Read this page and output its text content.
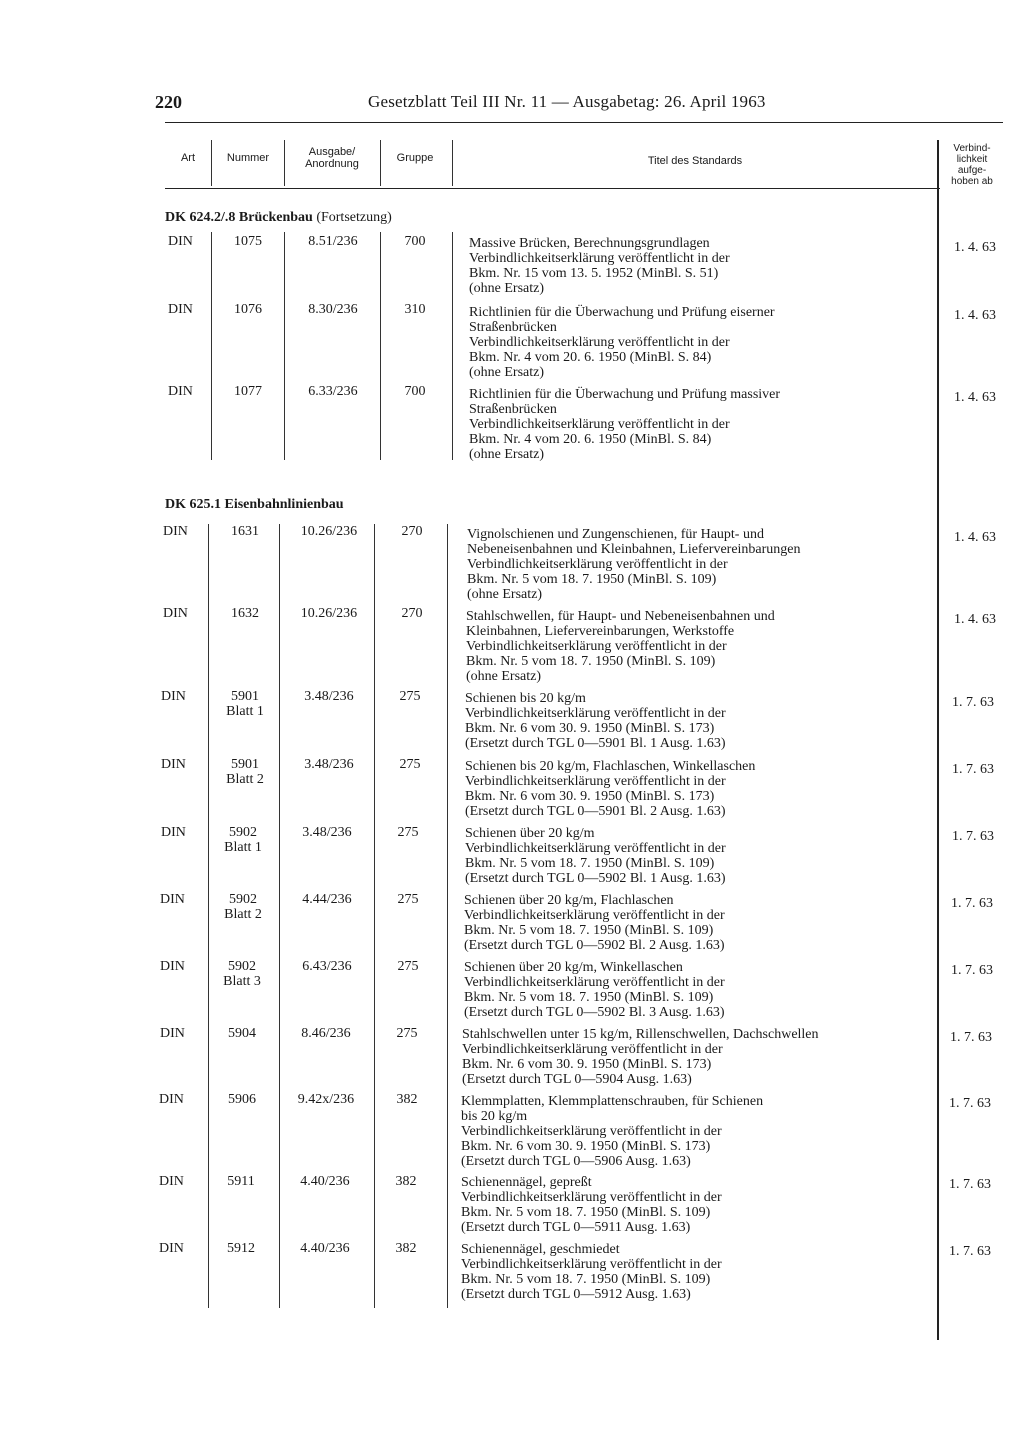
220	Gesetzblatt Teil III Nr. 11 — Ausgabetag: 26. April 1963
Art	Nummer	Ausgabe/
Anordnung	Gruppe	Titel des Standards
Verbind-
lichkeit
aufge-
hoben ab
DK 624.2/.8 Brückenbau (Fortsetzung)
DIN	1075	8.51/236	700	Massive Brücken, Berechnungsgrundlagen
Verbindlichkeitserklärung veröffentlicht in der
Bkm. Nr. 15 vom 13. 5. 1952 (MinBl. S. 51)
(ohne Ersatz)
1. 4. 63
DIN	1076	8.30/236	310	Richtlinien für die Überwachung und Prüfung eiserner
Straßenbrücken
Verbindlichkeitserklärung veröffentlicht in der
Bkm. Nr. 4 vom 20. 6. 1950 (MinBl. S. 84)
(ohne Ersatz)
1. 4. 63
DIN	1077	6.33/236	700	Richtlinien für die Überwachung und Prüfung massiver
Straßenbrücken
Verbindlichkeitserklärung veröffentlicht in der
Bkm. Nr. 4 vom 20. 6. 1950 (MinBl. S. 84)
(ohne Ersatz)
1. 4. 63
DK 625.1 Eisenbahnlinienbau
DIN	1631	10.26/236	270	Vignolschienen und Zungenschienen, für Haupt- und
Nebeneisenbahnen und Kleinbahnen, Liefervereinbarungen
Verbindlichkeitserklärung veröffentlicht in der
Bkm. Nr. 5 vom 18. 7. 1950 (MinBl. S. 109)
(ohne Ersatz)
1. 4. 63
DIN	1632	10.26/236	270	Stahlschwellen, für Haupt- und Nebeneisenbahnen und
Kleinbahnen, Liefervereinbarungen, Werkstoffe
Verbindlichkeitserklärung veröffentlicht in der
Bkm. Nr. 5 vom 18. 7. 1950 (MinBl. S. 109)
(ohne Ersatz)
1. 4. 63
DIN	5901
Blatt 1
3.48/236	275	Schienen bis 20 kg/m
Verbindlichkeitserklärung veröffentlicht in der
Bkm. Nr. 6 vom 30. 9. 1950 (MinBl. S. 173)
(Ersetzt durch TGL 0—5901 Bl. 1 Ausg. 1.63)
1. 7. 63
DIN	5901
Blatt 2
3.48/236	275	Schienen bis 20 kg/m, Flachlaschen, Winkellaschen
Verbindlichkeitserklärung veröffentlicht in der
Bkm. Nr. 6 vom 30. 9. 1950 (MinBl. S. 173)
(Ersetzt durch TGL 0—5901 Bl. 2 Ausg. 1.63)
1. 7. 63
DIN	5902
Blatt 1
3.48/236	275	Schienen über 20 kg/m
Verbindlichkeitserklärung veröffentlicht in der
Bkm. Nr. 5 vom 18. 7. 1950 (MinBl. S. 109)
(Ersetzt durch TGL 0—5902 Bl. 1 Ausg. 1.63)
1. 7. 63
DIN	5902
Blatt 2
4.44/236	275	Schienen über 20 kg/m, Flachlaschen
Verbindlichkeitserklärung veröffentlicht in der
Bkm. Nr. 5 vom 18. 7. 1950 (MinBl. S. 109)
(Ersetzt durch TGL 0—5902 Bl. 2 Ausg. 1.63)
1. 7. 63
DIN	5902
Blatt 3
6.43/236	275	Schienen über 20 kg/m, Winkellaschen
Verbindlichkeitserklärung veröffentlicht in der
Bkm. Nr. 5 vom 18. 7. 1950 (MinBl. S. 109)
(Ersetzt durch TGL 0—5902 Bl. 3 Ausg. 1.63)
1. 7. 63
DIN	5904	8.46/236	275	Stahlschwellen unter 15 kg/m, Rillenschwellen, Dachschwellen
Verbindlichkeitserklärung veröffentlicht in der
Bkm. Nr. 6 vom 30. 9. 1950 (MinBl. S. 173)
(Ersetzt durch TGL 0—5904 Ausg. 1.63)
1. 7. 63
DIN	5906	9.42x/236	382	Klemmplatten, Klemmplattenschrauben, für Schienen
bis 20 kg/m
Verbindlichkeitserklärung veröffentlicht in der
Bkm. Nr. 6 vom 30. 9. 1950 (MinBl. S. 173)
(Ersetzt durch TGL 0—5906 Ausg. 1.63)
1. 7. 63
DIN	5911	4.40/236	382	Schienennägel, gepreßt
Verbindlichkeitserklärung veröffentlicht in der
Bkm. Nr. 5 vom 18. 7. 1950 (MinBl. S. 109)
(Ersetzt durch TGL 0—5911 Ausg. 1.63)
1. 7. 63
DIN	5912	4.40/236	382	Schienennägel, geschmiedet
Verbindlichkeitserklärung veröffentlicht in der
Bkm. Nr. 5 vom 18. 7. 1950 (MinBl. S. 109)
(Ersetzt durch TGL 0—5912 Ausg. 1.63)
1. 7. 63
